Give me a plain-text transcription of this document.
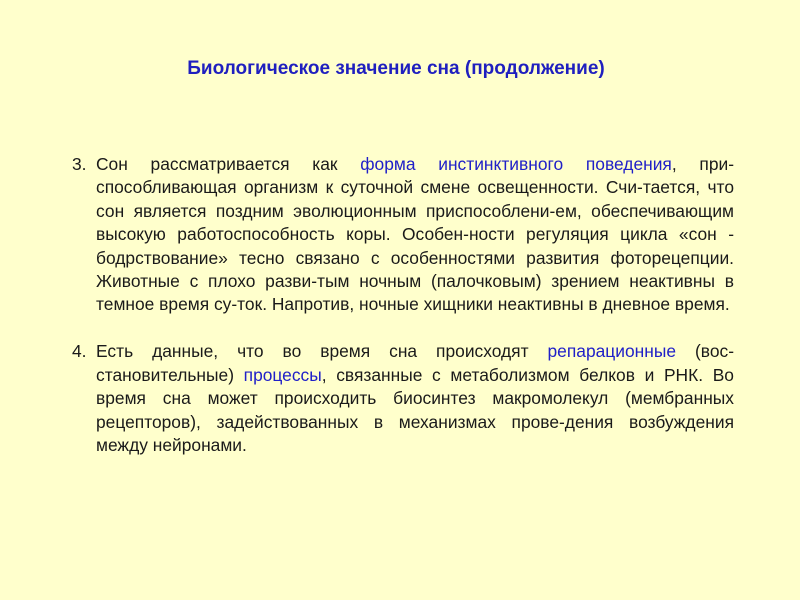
Биологическое значение сна (продолжение)
3. Сон рассматривается как форма инстинктивного поведения, при-способливающая организм к суточной смене освещенности. Счи-тается, что сон является поздним эволюционным приспособлени-ем, обеспечивающим высокую работоспособность коры. Особен-ности регуляция цикла «сон - бодрствование» тесно связано с особенностями развития фоторецепции. Животные с плохо разви-тым ночным (палочковым) зрением неактивны в темное время су-ток. Напротив, ночные хищники неактивны в дневное время.
4. Есть данные, что во время сна происходят репарационные (вос-становительные) процессы, связанные с метаболизмом белков и РНК. Во время сна может происходить биосинтез макромолекул (мембранных рецепторов), задействованных в механизмах прове-дения возбуждения между нейронами.
